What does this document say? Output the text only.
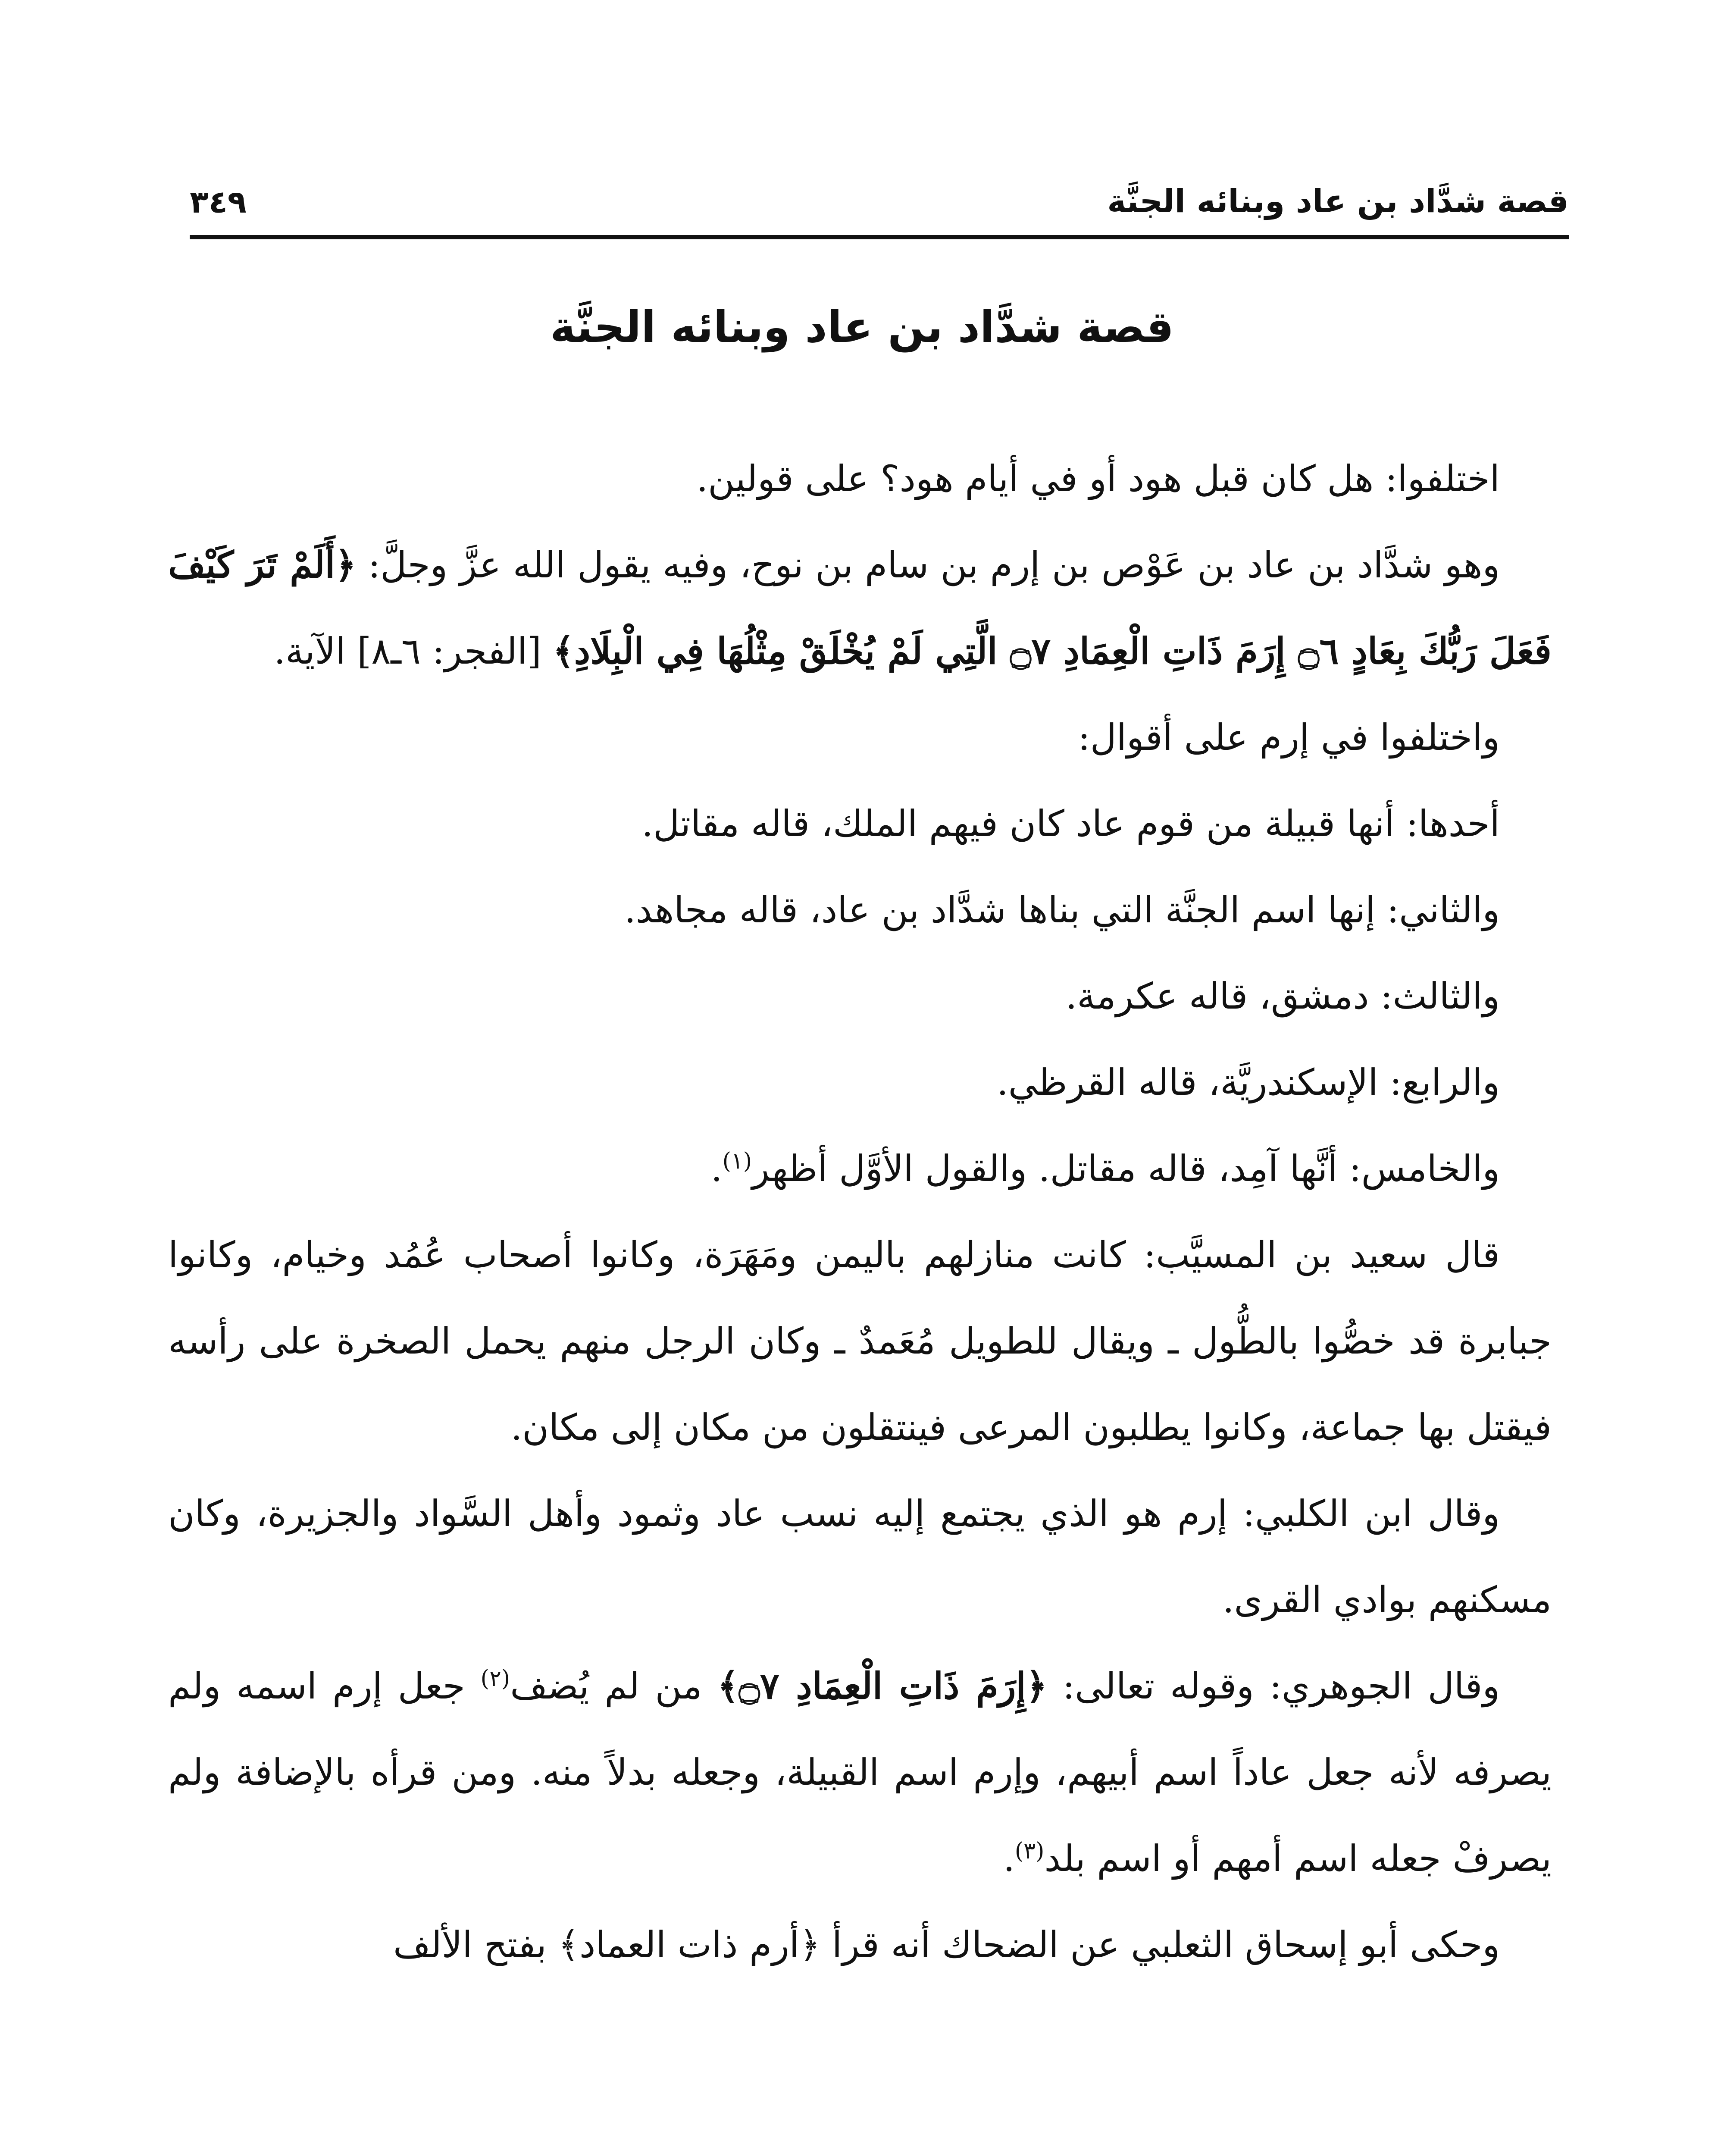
قصة شدَّاد بن عاد وبنائه الجنَّة
٣٤٩
قصة شدَّاد بن عاد وبنائه الجنَّة

اختلفوا: هل كان قبل هود أو في أيام هود؟ على قولين.

وهو شدَّاد بن عاد بن عَوْص بن إرم بن سام بن نوح، وفيه يقول الله عزَّ وجلَّ: ﴿أَلَمْ تَرَ كَيْفَ فَعَلَ رَبُّكَ بِعَادٍ ۝٦ إِرَمَ ذَاتِ الْعِمَادِ ۝٧ الَّتِي لَمْ يُخْلَقْ مِثْلُهَا فِي الْبِلَادِ﴾ [الفجر: ٦ـ٨] الآية.

واختلفوا في إرم على أقوال:

أحدها: أنها قبيلة من قوم عاد كان فيهم الملك، قاله مقاتل.

والثاني: إنها اسم الجنَّة التي بناها شدَّاد بن عاد، قاله مجاهد.

والثالث: دمشق، قاله عكرمة.

والرابع: الإسكندريَّة، قاله القرظي.

والخامس: أنَّها آمِد، قاله مقاتل. والقول الأوَّل أظهر$^{(١)}$.

قال سعيد بن المسيَّب: كانت منازلهم باليمن ومَهَرَة، وكانوا أصحاب عُمُد وخيام، وكانوا جبابرة قد خصُّوا بالطُّول ـ ويقال للطويل مُعَمدٌ ـ وكان الرجل منهم يحمل الصخرة على رأسه فيقتل بها جماعة، وكانوا يطلبون المرعى فينتقلون من مكان إلى مكان.

وقال ابن الكلبي: إرم هو الذي يجتمع إليه نسب عاد وثمود وأهل السَّواد والجزيرة، وكان مسكنهم بوادي القرى.

وقال الجوهري: وقوله تعالى: ﴿إِرَمَ ذَاتِ الْعِمَادِ ۝٧﴾ من لم يُضف$^{(٢)}$ جعل إرم اسمه ولم يصرفه لأنه جعل عاداً اسم أبيهم، وإرم اسم القبيلة، وجعله بدلاً منه. ومن قرأه بالإضافة ولم يصرفْ جعله اسم أمهم أو اسم بلد$^{(٣)}$.

وحكى أبو إسحاق الثعلبي عن الضحاك أنه قرأ ﴿أرم ذات العماد﴾ بفتح الألف
